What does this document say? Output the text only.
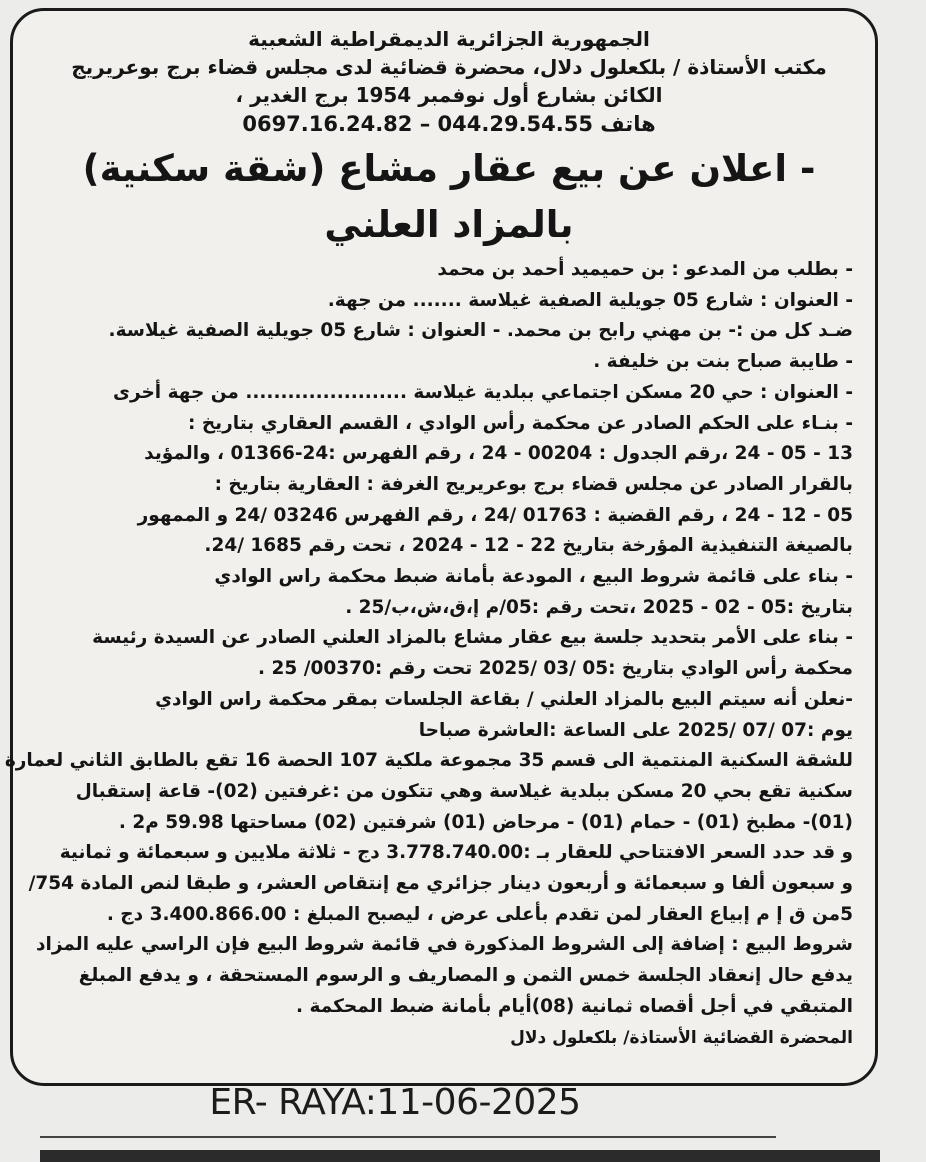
الجمهورية الجزائرية الديمقراطية الشعبية

مكتب الأستاذة / بلكعلول دلال، محضرة قضائية لدى مجلس قضاء برج بوعريريج

الكائن بشارع أول نوفمبر 1954 برج الغدير ،

هاتف 044.29.54.55 – 0697.16.24.82

- اعلان عن بيع عقار مشاع (شقة سكنية) بالمزاد العلني

- بطلب من المدعو : بن حميميد أحمد بن محمد

- العنوان : شارع 05 جويلية الصفية غيلاسة ....... من جهة.

ضـد كل من :- بن مهني رابح بن محمد. - العنوان : شارع 05 جويلية الصفية غيلاسة.

- طايبة صباح بنت بن خليفة .

- العنوان : حي 20 مسكن اجتماعي ببلدية غيلاسة ....................... من جهة أخرى

- بنـاء على الحكم الصادر عن محكمة رأس الوادي ، القسم العقاري بتاريخ :

13 - 05 - 24 ،رقم الجدول : 00204 - 24 ، رقم الفهرس :24-01366 ، والمؤيد

بالقرار الصادر عن مجلس قضاء برج بوعريريج الغرفة : العقارية بتاريخ :

05 - 12 - 24 ، رقم القضية : 01763 /24 ، رقم الفهرس 03246 /24 و الممهور

بالصيغة التنفيذية المؤرخة بتاريخ 22 - 12 - 2024 ، تحت رقم 1685 /24.

- بناء على قائمة شروط البيع ، المودعة بأمانة ضبط محكمة راس الوادي

بتاريخ :05 - 02 - 2025 ،تحت رقم :05/م إ،ق،ش،ب/25 .

- بناء على الأمر بتحديد جلسة بيع عقار مشاع بالمزاد العلني الصادر عن السيدة رئيسة

محكمة رأس الوادي بتاريخ :05 /03 /2025 تحت رقم :00370/ 25 .

-نعلن أنه سيتم البيع بالمزاد العلني / بقاعة الجلسات بمقر محكمة راس الوادي

يوم :07 /07 /2025 على الساعة :العاشرة صباحا

للشقة السكنية المنتمية الى قسم 35 مجموعة ملكية 107 الحصة 16 تقع بالطابق الثاني لعمارة

سكنية تقع بحي 20 مسكن ببلدية غيلاسة وهي تتكون من :غرفتين (02)- قاعة إستقبال

(01)- مطبخ (01) - حمام (01) - مرحاض (01) شرفتين (02) مساحتها 59.98 م2 .

و قد حدد السعر الافتتاحي للعقار بـ :3.778.740.00 دج - ثلاثة ملايين و سبعمائة و ثمانية

و سبعون ألفا و سبعمائة و أربعون دينار جزائري مع إنتقاص العشر، و طبقا لنص المادة 754/

5من ق إ م إبياع العقار لمن تقدم بأعلى عرض ، ليصبح المبلغ : 3.400.866.00 دج .

شروط البيع : إضافة إلى الشروط المذكورة في قائمة شروط البيع فإن الراسي عليه المزاد

يدفع حال إنعقاد الجلسة خمس الثمن و المصاريف و الرسوم المستحقة ، و يدفع المبلغ

المتبقي في أجل أقصاه ثمانية (08)أيام بأمانة ضبط المحكمة .

المحضرة القضائية الأستاذة/ بلكعلول دلال

ER- RAYA:11-06-2025
